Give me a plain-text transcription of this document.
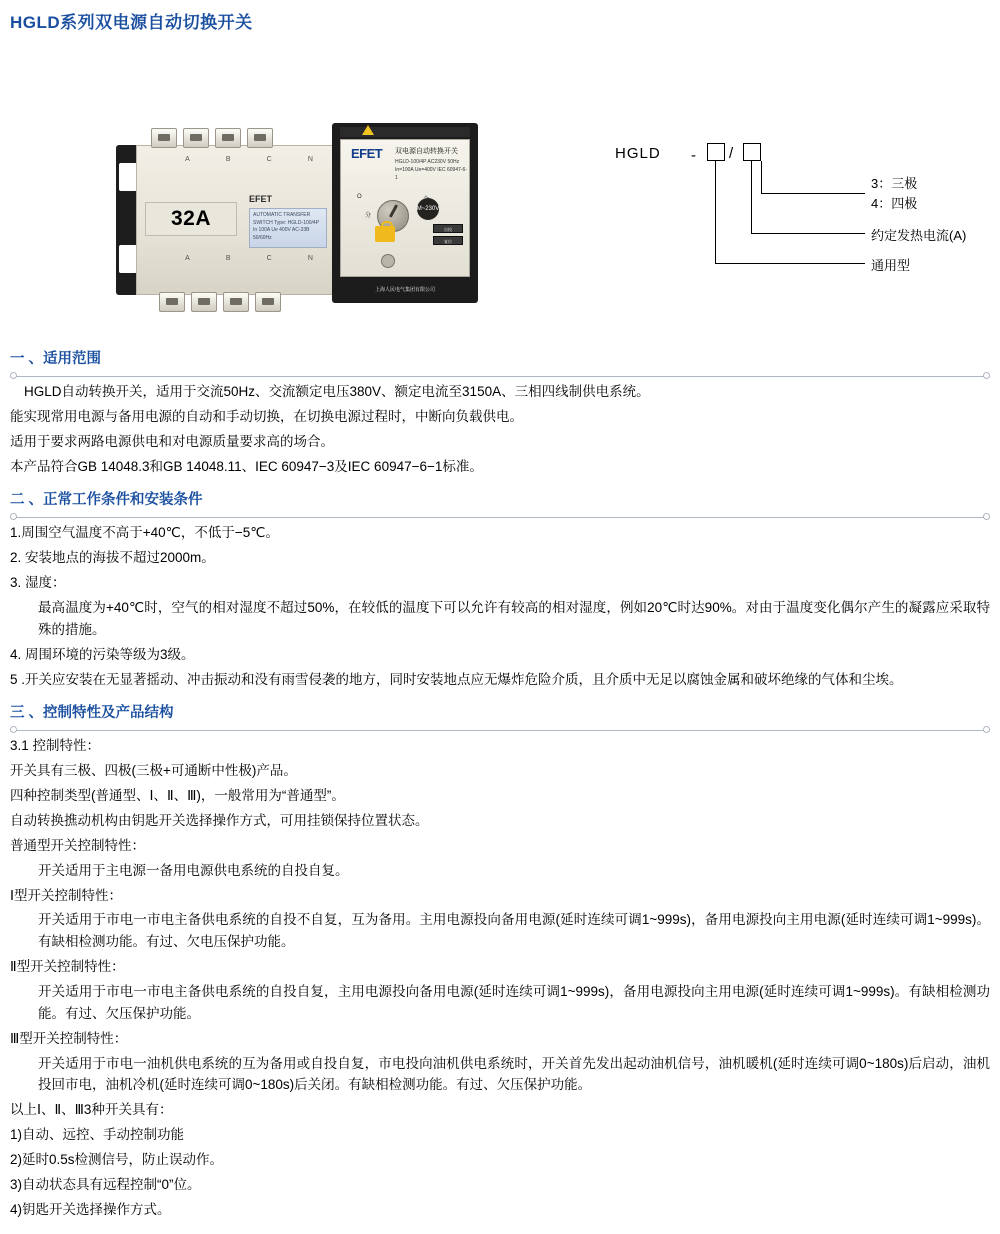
HGLD系列双电源自动切换开关
A	B	C	N
32A
EFET
AUTOMATIC TRANSFER SWITCH Type: HGLD-100/4P In 100A Ue 400V AC-33B 50/60Hz
A	B	C	N
EFET 双电源自动转换开关
HGLD-100/4P AC230V 50Hz In=100A Ue=400V IEC 60947-6-1
O
分
M~230V
自投
复位
上海人民电气集团有限公司
HGLD - /
3：三极
4：四极
约定发热电流(A)
通用型
一 、适用范围

HGLD自动转换开关，适用于交流50Hz、交流额定电压380V、额定电流至3150A、三相四线制供电系统。

能实现常用电源与备用电源的自动和手动切换，在切换电源过程时，中断向负载供电。

适用于要求两路电源供电和对电源质量要求高的场合。

本产品符合GB 14048.3和GB 14048.11、IEC 60947−3及IEC 60947−6−1标准。

二 、正常工作条件和安装条件

1.周围空气温度不高于+40℃，不低于−5℃。

2. 安装地点的海拔不超过2000m。

3. 湿度：

最高温度为+40℃时，空气的相对湿度不超过50%，在较低的温度下可以允许有较高的相对湿度，例如20℃时达90%。对由于温度变化偶尔产生的凝露应采取特殊的措施。

4. 周围环境的污染等级为3级。

5 .开关应安装在无显著摇动、冲击振动和没有雨雪侵袭的地方，同时安装地点应无爆炸危险介质，且介质中无足以腐蚀金属和破坏绝缘的气体和尘埃。

三 、控制特性及产品结构

3.1 控制特性：

开关具有三极、四极(三极+可通断中性极)产品。

四种控制类型(普通型、Ⅰ、Ⅱ、Ⅲ)，一般常用为“普通型”。

自动转换撨动机构由钥匙开关选择操作方式，可用挂锁保持位置状态。

普通型开关控制特性：

开关适用于主电源一备用电源供电系统的自投自复。

Ⅰ型开关控制特性：

开关适用于市电一市电主备供电系统的自投不自复，互为备用。主用电源投向备用电源(延时连续可调1~999s)，备用电源投向主用电源(延时连续可调1~999s)。有缺相检测功能。有过、欠电压保护功能。

Ⅱ型开关控制特性：

开关适用于市电一市电主备供电系统的自投自复，主用电源投向备用电源(延时连续可调1~999s)，备用电源投向主用电源(延时连续可调1~999s)。有缺相检测功能。有过、欠压保护功能。

Ⅲ型开关控制特性：

开关适用于市电一油机供电系统的互为备用或自投自复，市电投向油机供电系统时，开关首先发出起动油机信号，油机暖机(延时连续可调0~180s)后启动，油机投回市电，油机冷机(延时连续可调0~180s)后关闭。有缺相检测功能。有过、欠压保护功能。

以上Ⅰ、Ⅱ、Ⅲ3种开关具有：

1)自动、远控、手动控制功能

2)延时0.5s检测信号，防止误动作。

3)自动状态具有远程控制“0”位。

4)钥匙开关选择操作方式。
